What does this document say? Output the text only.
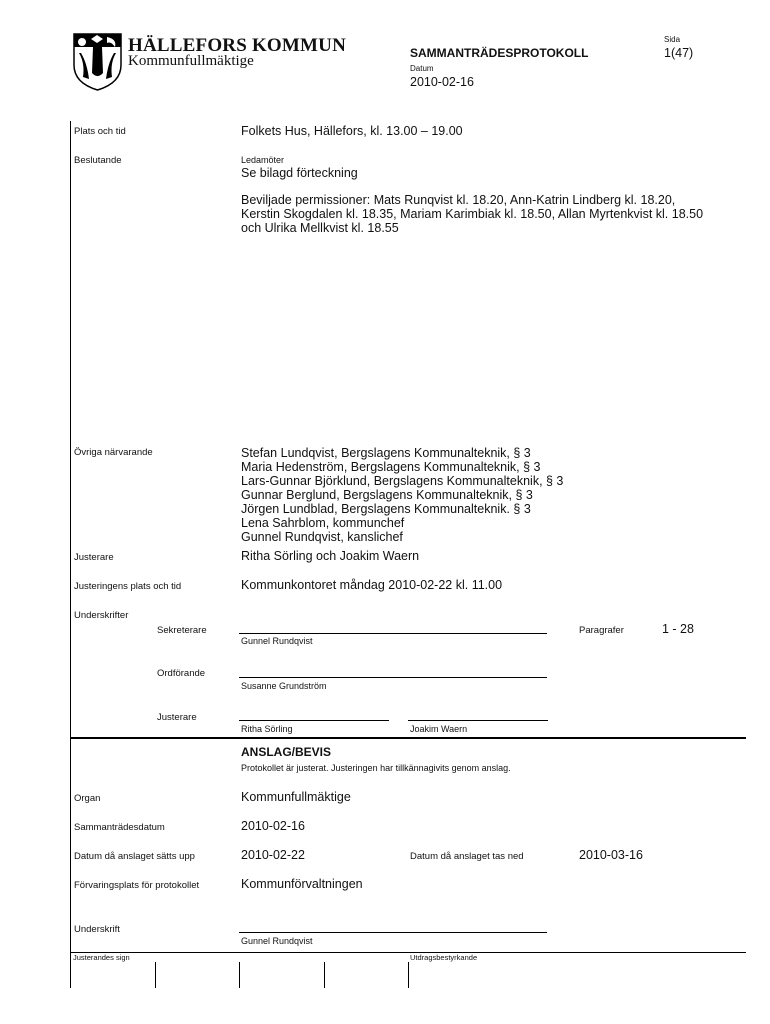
HÄLLEFORS KOMMUN
Kommunfullmäktige	SAMMANTRÄDESPROTOKOLL
Datum
2010-02-16
Sida
1(47)
Plats och tid	Folkets Hus, Hällefors, kl. 13.00 – 19.00
Beslutande	Ledamöter
Se bilagd förteckning
Beviljade permissioner: Mats Runqvist kl. 18.20, Ann-Katrin Lindberg kl. 18.20,
Kerstin Skogdalen kl. 18.35, Mariam Karimbiak kl. 18.50, Allan Myrtenkvist kl. 18.50
och Ulrika Mellkvist kl. 18.55
Övriga närvarande	Stefan Lundqvist, Bergslagens Kommunalteknik, § 3
Maria Hedenström, Bergslagens Kommunalteknik, § 3
Lars-Gunnar Björklund, Bergslagens Kommunalteknik, § 3
Gunnar Berglund, Bergslagens Kommunalteknik, § 3
Jörgen Lundblad, Bergslagens Kommunalteknik. § 3
Lena Sahrblom, kommunchef
Gunnel Rundqvist, kanslichef
Justerare	Ritha Sörling och Joakim Waern
Justeringens plats och tid	Kommunkontoret måndag 2010-02-22 kl. 11.00
Underskrifter
Sekreterare
Gunnel Rundqvist
Paragrafer	1 - 28
Ordförande
Susanne Grundström
Justerare
Ritha Sörling	Joakim Waern
ANSLAG/BEVIS
Protokollet är justerat. Justeringen har tillkännagivits genom anslag.
Organ	Kommunfullmäktige
Sammanträdesdatum	2010-02-16
Datum då anslaget sätts upp	2010-02-22	Datum då anslaget tas ned	2010-03-16
Förvaringsplats för protokollet	Kommunförvaltningen
Underskrift
Gunnel Rundqvist
Justerandes sign	Utdragsbestyrkande
